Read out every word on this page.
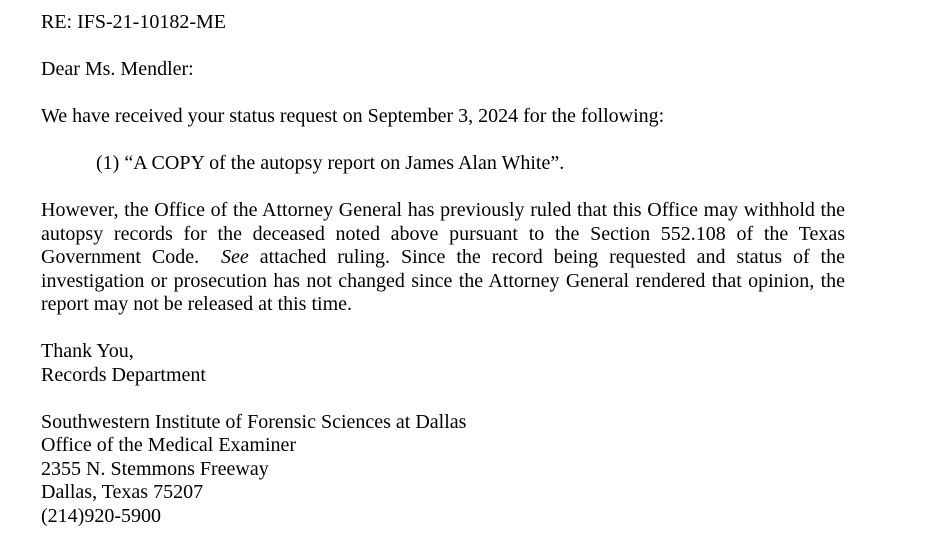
RE: IFS-21-10182-ME

Dear Ms. Mendler:

We have received your status request on September 3, 2024 for the following:

(1) “A COPY of the autopsy report on James Alan White”.

However, the Office of the Attorney General has previously ruled that this Office may withhold the autopsy records for the deceased noted above pursuant to the Section 552.108 of the Texas Government Code.  See attached ruling. Since the record being requested and status of the investigation or prosecution has not changed since the Attorney General rendered that opinion, the report may not be released at this time.

Thank You,
Records Department
Southwestern Institute of Forensic Sciences at Dallas
Office of the Medical Examiner
2355 N. Stemmons Freeway
Dallas, Texas 75207
(214)920-5900
